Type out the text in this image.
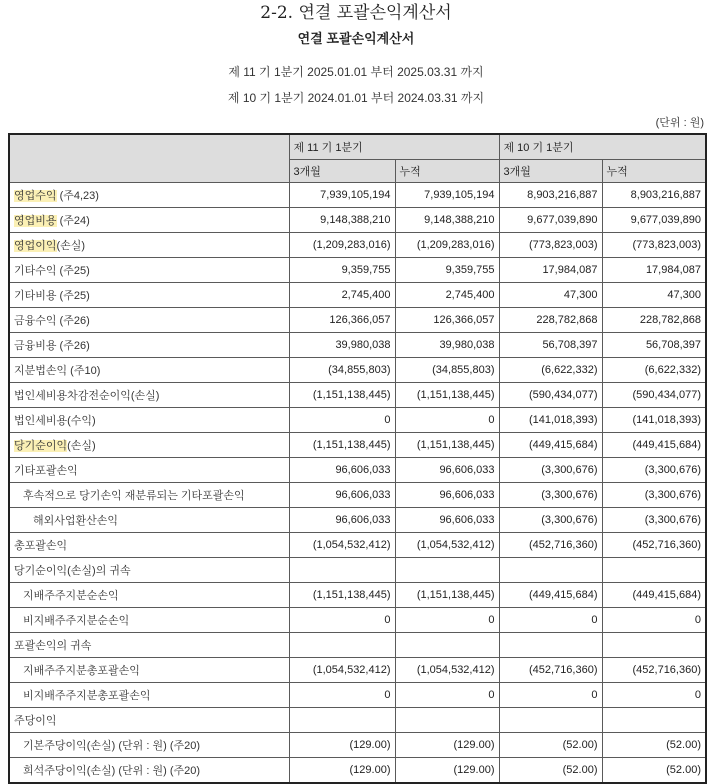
2-2. 연결 포괄손익계산서
연결 포괄손익계산서
제 11 기 1분기 2025.01.01 부터 2025.03.31 까지
제 10 기 1분기 2024.01.01 부터 2024.03.31 까지
(단위 : 원)
	제 11 기 1분기		제 10 기 1분기	
	3개월	누적	3개월	누적
영업수익 (주4,23)	7,939,105,194	7,939,105,194	8,903,216,887	8,903,216,887
영업비용 (주24)	9,148,388,210	9,148,388,210	9,677,039,890	9,677,039,890
영업이익(손실)	(1,209,283,016)	(1,209,283,016)	(773,823,003)	(773,823,003)
기타수익 (주25)	9,359,755	9,359,755	17,984,087	17,984,087
기타비용 (주25)	2,745,400	2,745,400	47,300	47,300
금융수익 (주26)	126,366,057	126,366,057	228,782,868	228,782,868
금융비용 (주26)	39,980,038	39,980,038	56,708,397	56,708,397
지분법손익 (주10)	(34,855,803)	(34,855,803)	(6,622,332)	(6,622,332)
법인세비용차감전순이익(손실)	(1,151,138,445)	(1,151,138,445)	(590,434,077)	(590,434,077)
법인세비용(수익)	0	0	(141,018,393)	(141,018,393)
당기순이익(손실)	(1,151,138,445)	(1,151,138,445)	(449,415,684)	(449,415,684)
기타포괄손익	96,606,033	96,606,033	(3,300,676)	(3,300,676)
후속적으로 당기손익 재분류되는 기타포괄손익	96,606,033	96,606,033	(3,300,676)	(3,300,676)
해외사업환산손익	96,606,033	96,606,033	(3,300,676)	(3,300,676)
총포괄손익	(1,054,532,412)	(1,054,532,412)	(452,716,360)	(452,716,360)
당기순이익(손실)의 귀속				
지배주주지분순손익	(1,151,138,445)	(1,151,138,445)	(449,415,684)	(449,415,684)
비지배주주지분순손익	0	0	0	0
포괄손익의 귀속				
지배주주지분총포괄손익	(1,054,532,412)	(1,054,532,412)	(452,716,360)	(452,716,360)
비지배주주지분총포괄손익	0	0	0	0
주당이익				
기본주당이익(손실) (단위 : 원) (주20)	(129.00)	(129.00)	(52.00)	(52.00)
희석주당이익(손실) (단위 : 원) (주20)	(129.00)	(129.00)	(52.00)	(52.00)
